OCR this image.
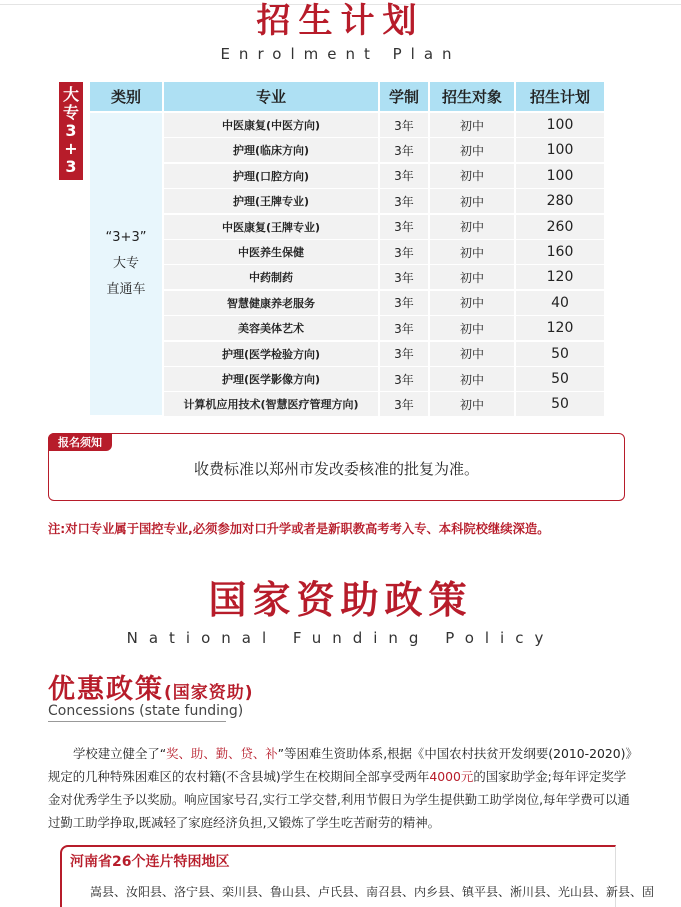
招生计划
Enrolment Plan
大
专
3
+
3
类别	专业	学制	招生对象	招生计划
“3+3”
大专
直通车
中医康复(中医方向)	3年	初中	100
护理(临床方向)	3年	初中	100
护理(口腔方向)	3年	初中	100
护理(王牌专业)	3年	初中	280
中医康复(王牌专业)	3年	初中	260
中医养生保健	3年	初中	160
中药制药	3年	初中	120
智慧健康养老服务	3年	初中	40
美容美体艺术	3年	初中	120
护理(医学检验方向)	3年	初中	50
护理(医学影像方向)	3年	初中	50
计算机应用技术(智慧医疗管理方向)	3年	初中	50
报名须知
收费标准以郑州市发改委核准的批复为准。
注:对口专业属于国控专业,必须参加对口升学或者是新职教高考考入专、本科院校继续深造。
国家资助政策
National Funding Policy
优惠政策(国家资助)
Concessions (state funding)
学校建立健全了“奖、助、勤、贷、补”等困难生资助体系,根据《中国农村扶贫开发纲要(2010-2020)》规定的几种特殊困难区的农村籍(不含县城)学生在校期间全部享受两年4000元的国家助学金;每年评定奖学金对优秀学生予以奖励。响应国家号召,实行工学交替,利用节假日为学生提供勤工助学岗位,每年学费可以通过勤工助学挣取,既减轻了家庭经济负担,又锻炼了学生吃苦耐劳的精神。
河南省26个连片特困地区
嵩县、汝阳县、洛宁县、栾川县、鲁山县、卢氏县、南召县、内乡县、镇平县、淅川县、光山县、新县、固
